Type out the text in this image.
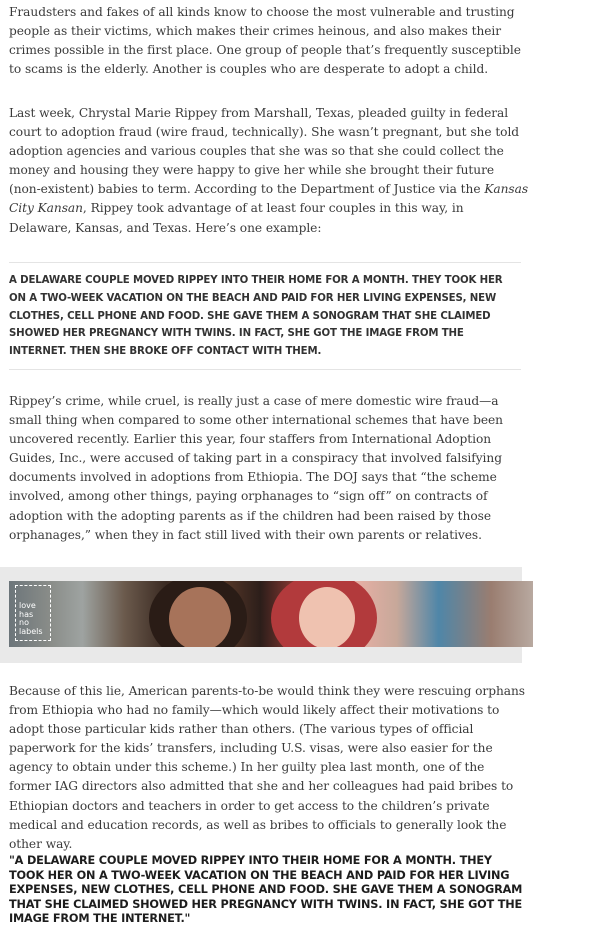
Fraudsters and fakes of all kinds know to choose the most vulnerable and trusting people as their victims, which makes their crimes heinous, and also makes their crimes possible in the first place. One group of people that’s frequently susceptible to scams is the elderly. Another is couples who are desperate to adopt a child.

Last week, Chrystal Marie Rippey from Marshall, Texas, pleaded guilty in federal court to adoption fraud (wire fraud, technically). She wasn’t pregnant, but she told adoption agencies and various couples that she was so that she could collect the money and housing they were happy to give her while she brought their future (non-existent) babies to term. According to the Department of Justice via the Kansas City Kansan, Rippey took advantage of at least four couples in this way, in Delaware, Kansas, and Texas. Here’s one example:

A DELAWARE COUPLE MOVED RIPPEY INTO THEIR HOME FOR A MONTH. THEY TOOK HER ON A TWO-WEEK VACATION ON THE BEACH AND PAID FOR HER LIVING EXPENSES, NEW CLOTHES, CELL PHONE AND FOOD. SHE GAVE THEM A SONOGRAM THAT SHE CLAIMED SHOWED HER PREGNANCY WITH TWINS. IN FACT, SHE GOT THE IMAGE FROM THE INTERNET. THEN SHE BROKE OFF CONTACT WITH THEM.

Rippey’s crime, while cruel, is really just a case of mere domestic wire fraud—a small thing when compared to some other international schemes that have been uncovered recently. Earlier this year, four staffers from International Adoption Guides, Inc., were accused of taking part in a conspiracy that involved falsifying documents involved in adoptions from Ethiopia. The DOJ says that “the scheme involved, among other things, paying orphanages to “sign off” on contracts of adoption with the adopting parents as if the children had been raised by those orphanages,” when they in fact still lived with their own parents or relatives.

love
has
no
labels

Because of this lie, American parents-to-be would think they were rescuing orphans from Ethiopia who had no family—which would likely affect their motivations to adopt those particular kids rather than others. (The various types of official paperwork for the kids’ transfers, including U.S. visas, were also easier for the agency to obtain under this scheme.) In her guilty plea last month, one of the former IAG directors also admitted that she and her colleagues had paid bribes to Ethiopian doctors and teachers in order to get access to the children’s private medical and education records, as well as bribes to officials to generally look the other way.

"A DELAWARE COUPLE MOVED RIPPEY INTO THEIR HOME FOR A MONTH. THEY TOOK HER ON A TWO-WEEK VACATION ON THE BEACH AND PAID FOR HER LIVING EXPENSES, NEW CLOTHES, CELL PHONE AND FOOD. SHE GAVE THEM A SONOGRAM THAT SHE CLAIMED SHOWED HER PREGNANCY WITH TWINS. IN FACT, SHE GOT THE IMAGE FROM THE INTERNET."
